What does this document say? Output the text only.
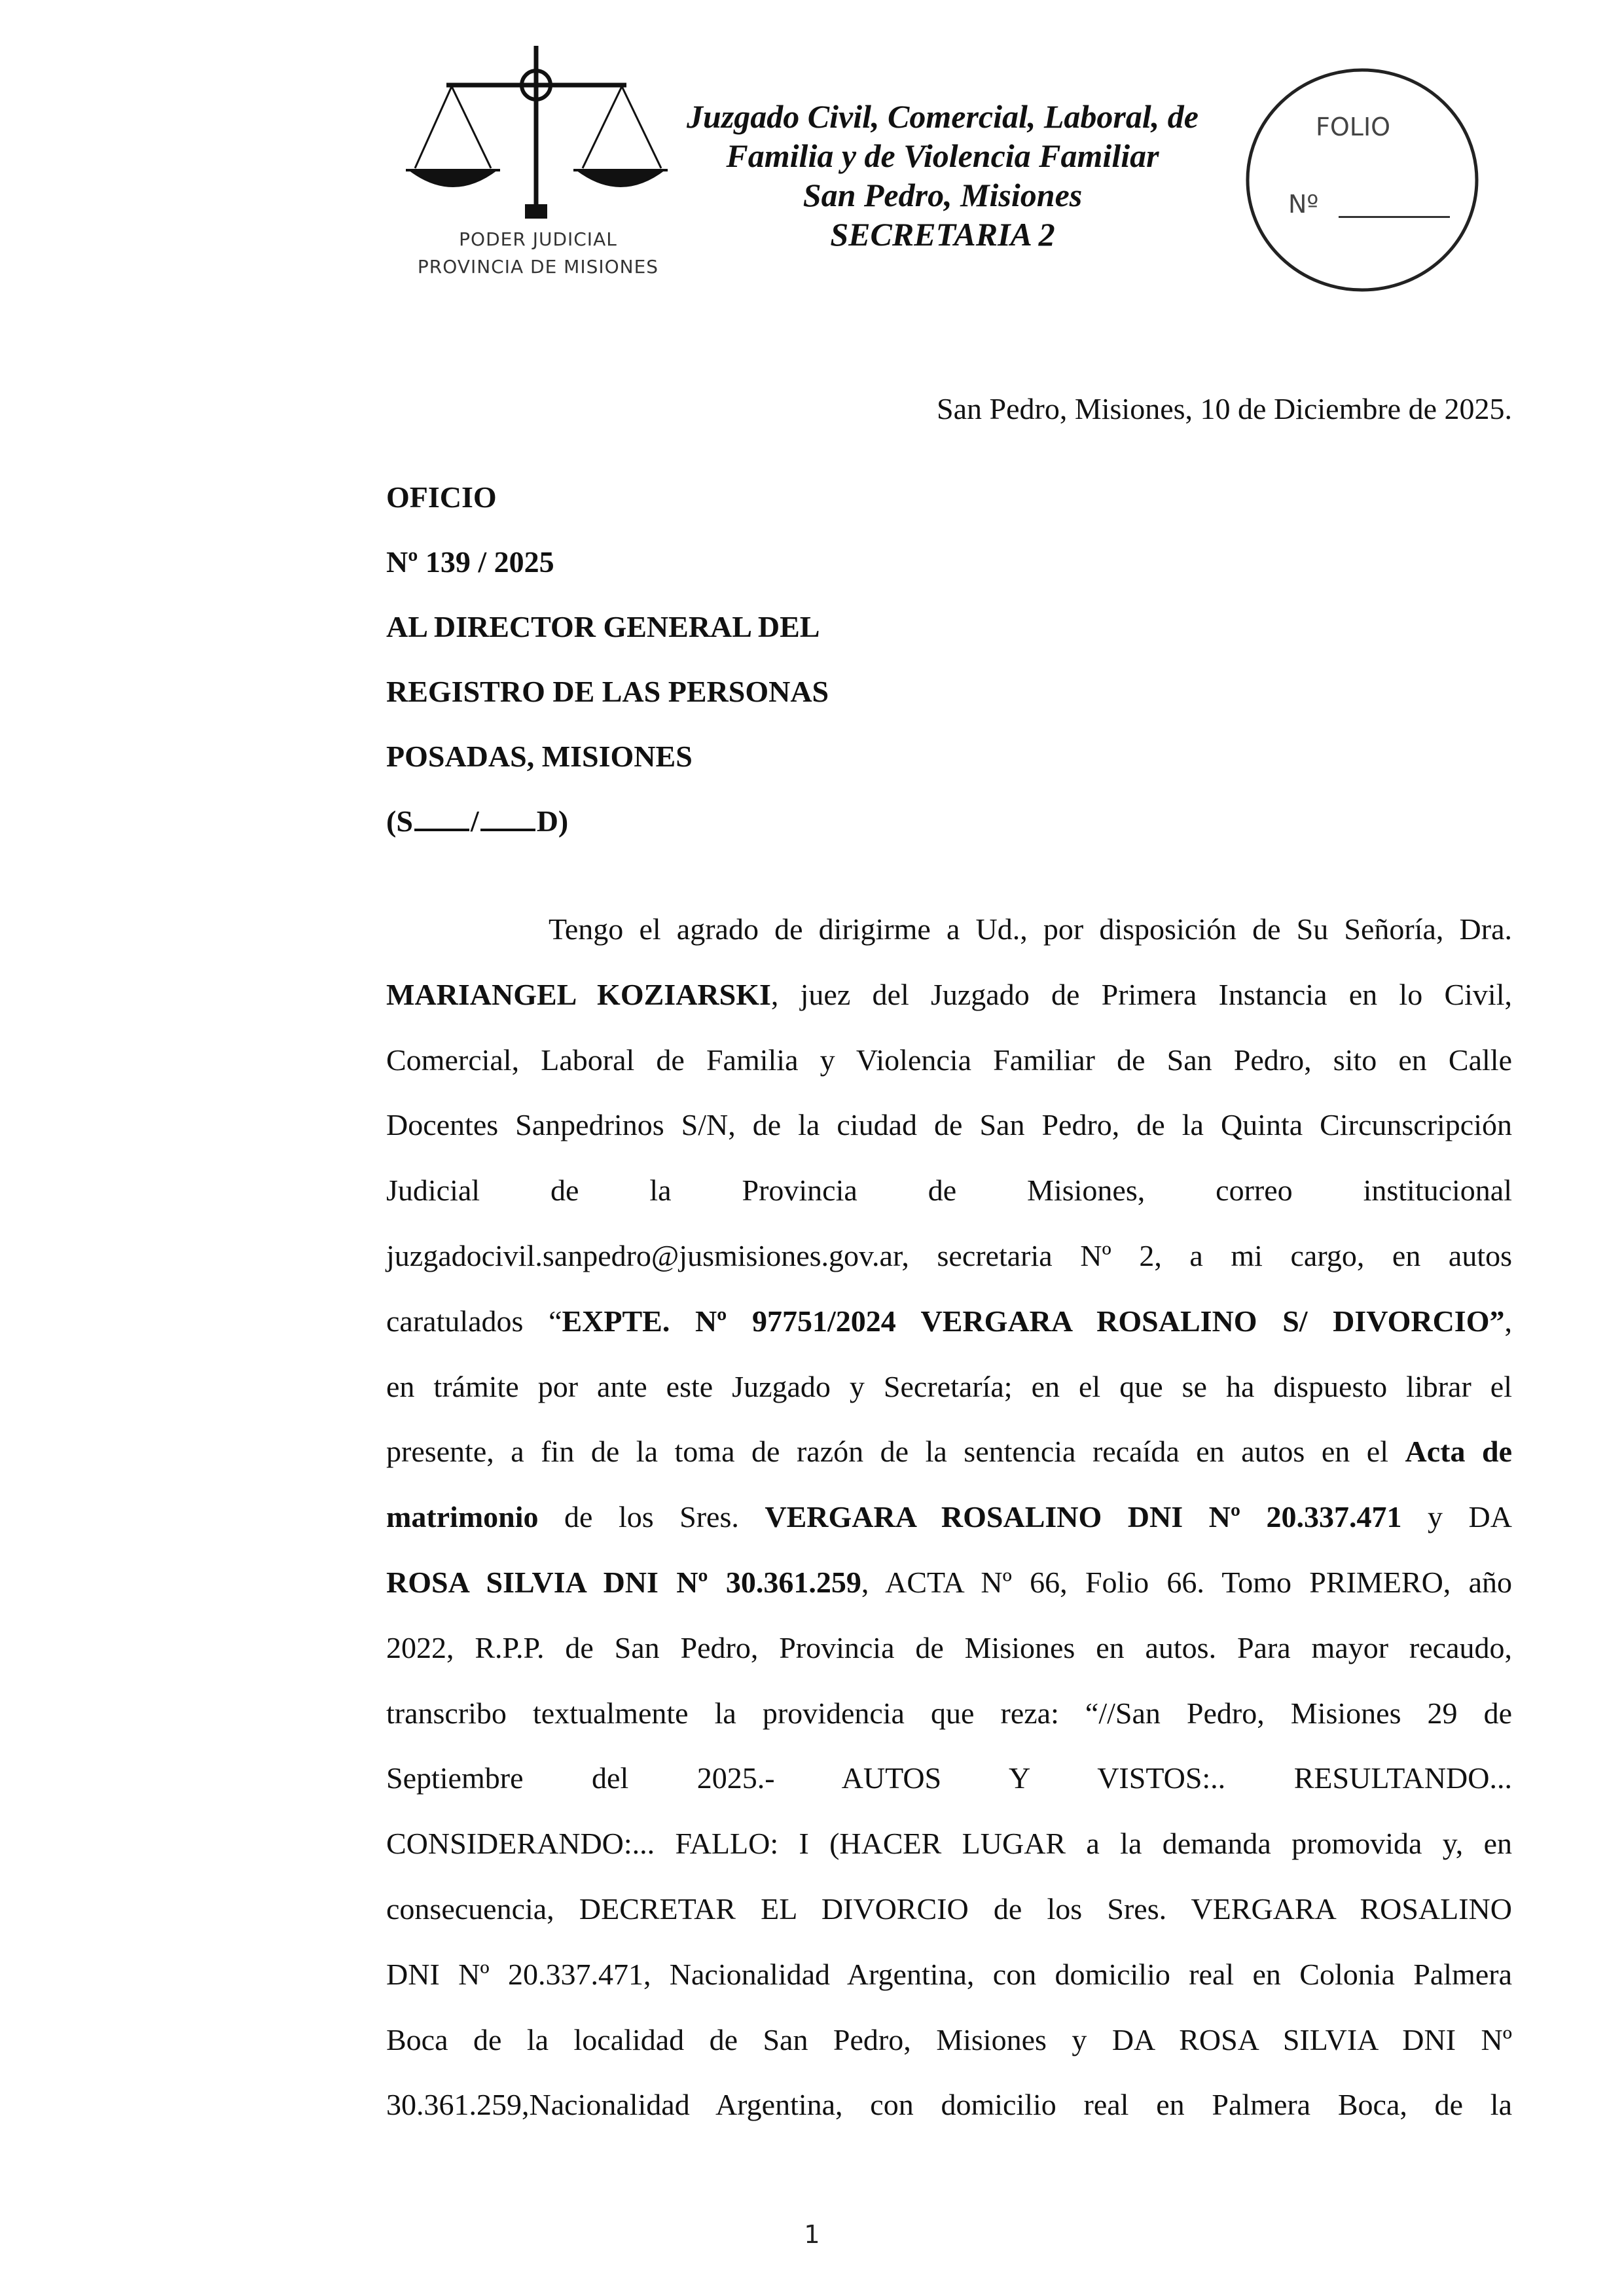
PODER JUDICIAL
PROVINCIA DE MISIONES
Juzgado Civil, Comercial, Laboral, de
Familia y de Violencia Familiar
San Pedro, Misiones
SECRETARIA 2
FOLIO
Nº
San Pedro, Misiones, 10 de Diciembre de 2025.
OFICIO
Nº 139 / 2025
AL DIRECTOR GENERAL DEL
REGISTRO DE LAS PERSONAS
POSADAS, MISIONES
(S / D)
Tengo el agrado de dirigirme a Ud., por disposición de Su Señoría, Dra.
MARIANGEL KOZIARSKI, juez del Juzgado de Primera Instancia en lo Civil,
Comercial, Laboral de Familia y Violencia Familiar de San Pedro, sito en Calle
Docentes Sanpedrinos S/N, de la ciudad de San Pedro, de la Quinta Circunscripción
Judicial de la Provincia de Misiones, correo institucional
juzgadocivil.sanpedro@jusmisiones.gov.ar, secretaria Nº 2, a mi cargo, en autos
caratulados “EXPTE. Nº 97751/2024 VERGARA ROSALINO S/ DIVORCIO”,
en trámite por ante este Juzgado y Secretaría; en el que se ha dispuesto librar el
presente, a fin de la toma de razón de la sentencia recaída en autos en el Acta de
matrimonio de los Sres. VERGARA ROSALINO DNI Nº 20.337.471 y DA
ROSA SILVIA DNI Nº 30.361.259, ACTA Nº 66, Folio 66. Tomo PRIMERO, año
2022, R.P.P. de San Pedro, Provincia de Misiones en autos. Para mayor recaudo,
transcribo textualmente la providencia que reza: “//San Pedro, Misiones 29 de
Septiembre del 2025.- AUTOS Y VISTOS:.. RESULTANDO...
CONSIDERANDO:... FALLO: I (HACER LUGAR a la demanda promovida y, en
consecuencia, DECRETAR EL DIVORCIO de los Sres. VERGARA ROSALINO
DNI Nº 20.337.471, Nacionalidad Argentina, con domicilio real en Colonia Palmera
Boca de la localidad de San Pedro, Misiones y DA ROSA SILVIA DNI Nº
30.361.259,Nacionalidad Argentina, con domicilio real en Palmera Boca, de la
1
